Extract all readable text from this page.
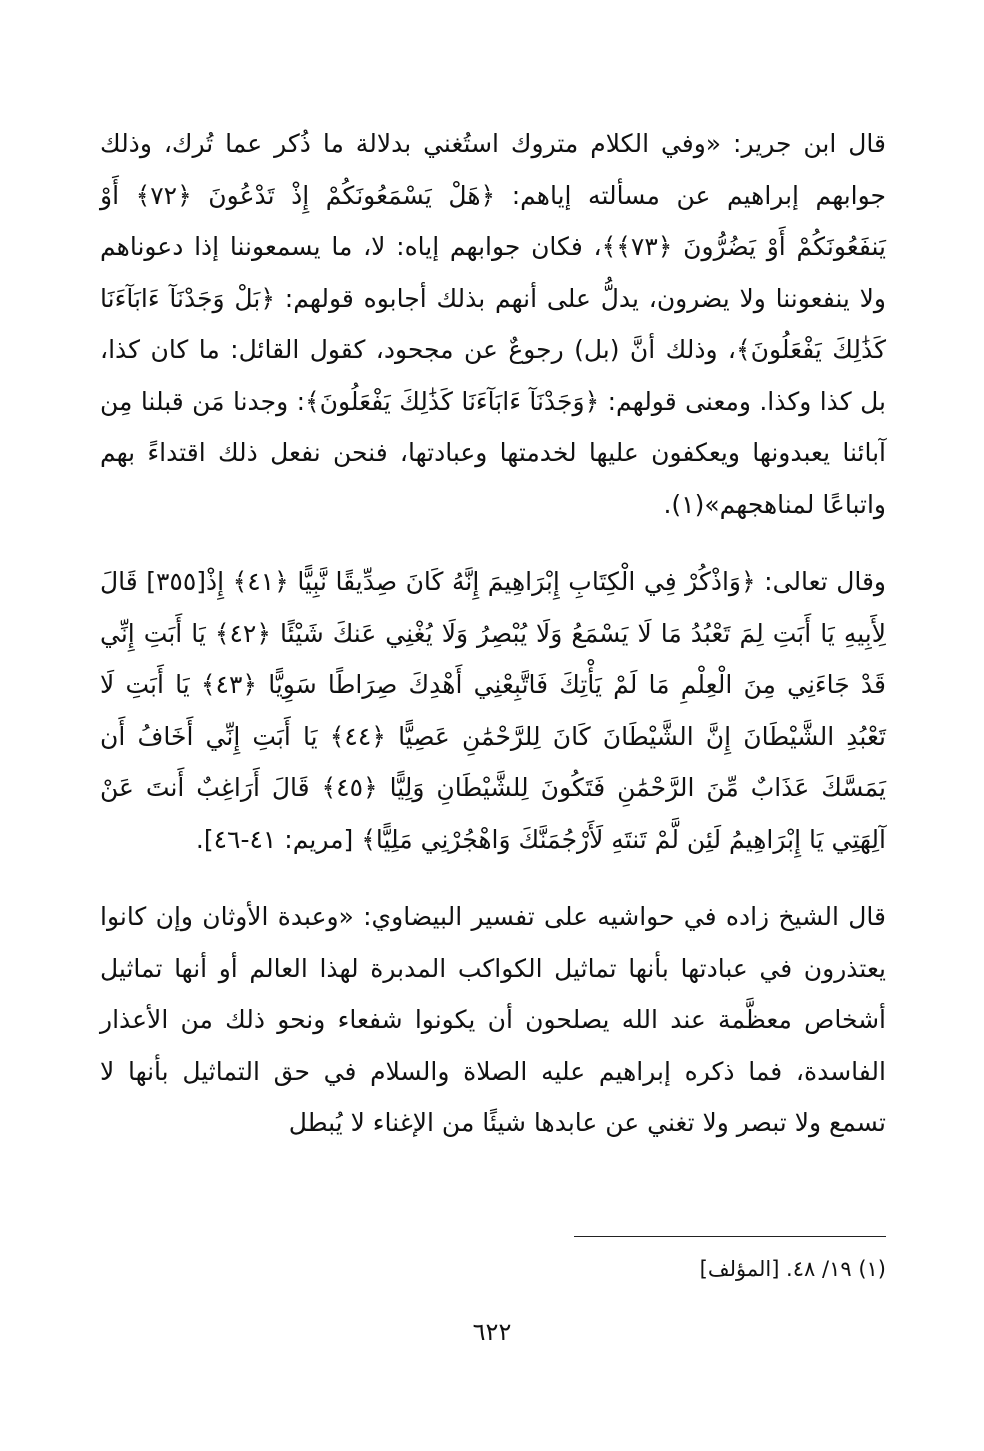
قال ابن جرير: «وفي الكلام متروك استُغني بدلالة ما ذُكر عما تُرك، وذلك جوابهم إبراهيم عن مسألته إياهم: ﴿هَلْ يَسْمَعُونَكُمْ إِذْ تَدْعُونَ ﴿٧٢﴾ أَوْ يَنفَعُونَكُمْ أَوْ يَضُرُّونَ ﴿٧٣﴾﴾، فكان جوابهم إياه: لا، ما يسمعوننا إذا دعوناهم ولا ينفعوننا ولا يضرون، يدلُّ على أنهم بذلك أجابوه قولهم: ﴿بَلْ وَجَدْنَآ ءَابَآءَنَا كَذَٰلِكَ يَفْعَلُونَ﴾، وذلك أنَّ (بل) رجوعٌ عن مجحود، كقول القائل: ما كان كذا، بل كذا وكذا. ومعنى قولهم: ﴿وَجَدْنَآ ءَابَآءَنَا كَذَٰلِكَ يَفْعَلُونَ﴾: وجدنا مَن قبلنا مِن آبائنا يعبدونها ويعكفون عليها لخدمتها وعبادتها، فنحن نفعل ذلك اقتداءً بهم واتباعًا لمناهجهم»(١).

وقال تعالى: ﴿وَاذْكُرْ فِي الْكِتَابِ إِبْرَاهِيمَ إِنَّهُ كَانَ صِدِّيقًا نَّبِيًّا ﴿٤١﴾ إِذْ[٣٥٥] قَالَ لِأَبِيهِ يَا أَبَتِ لِمَ تَعْبُدُ مَا لَا يَسْمَعُ وَلَا يُبْصِرُ وَلَا يُغْنِي عَنكَ شَيْئًا ﴿٤٢﴾ يَا أَبَتِ إِنِّي قَدْ جَاءَنِي مِنَ الْعِلْمِ مَا لَمْ يَأْتِكَ فَاتَّبِعْنِي أَهْدِكَ صِرَاطًا سَوِيًّا ﴿٤٣﴾ يَا أَبَتِ لَا تَعْبُدِ الشَّيْطَانَ إِنَّ الشَّيْطَانَ كَانَ لِلرَّحْمَٰنِ عَصِيًّا ﴿٤٤﴾ يَا أَبَتِ إِنِّي أَخَافُ أَن يَمَسَّكَ عَذَابٌ مِّنَ الرَّحْمَٰنِ فَتَكُونَ لِلشَّيْطَانِ وَلِيًّا ﴿٤٥﴾ قَالَ أَرَاغِبٌ أَنتَ عَنْ آلِهَتِي يَا إِبْرَاهِيمُ لَئِن لَّمْ تَنتَهِ لَأَرْجُمَنَّكَ وَاهْجُرْنِي مَلِيًّا﴾ [مريم: ٤١-٤٦].

قال الشيخ زاده في حواشيه على تفسير البيضاوي: «وعبدة الأوثان وإن كانوا يعتذرون في عبادتها بأنها تماثيل الكواكب المدبرة لهذا العالم أو أنها تماثيل أشخاص معظَّمة عند الله يصلحون أن يكونوا شفعاء ونحو ذلك من الأعذار الفاسدة، فما ذكره إبراهيم عليه الصلاة والسلام في حق التماثيل بأنها لا تسمع ولا تبصر ولا تغني عن عابدها شيئًا من الإغناء لا يُبطل

(١) ١٩/ ٤٨. [المؤلف]
٦٢٢
